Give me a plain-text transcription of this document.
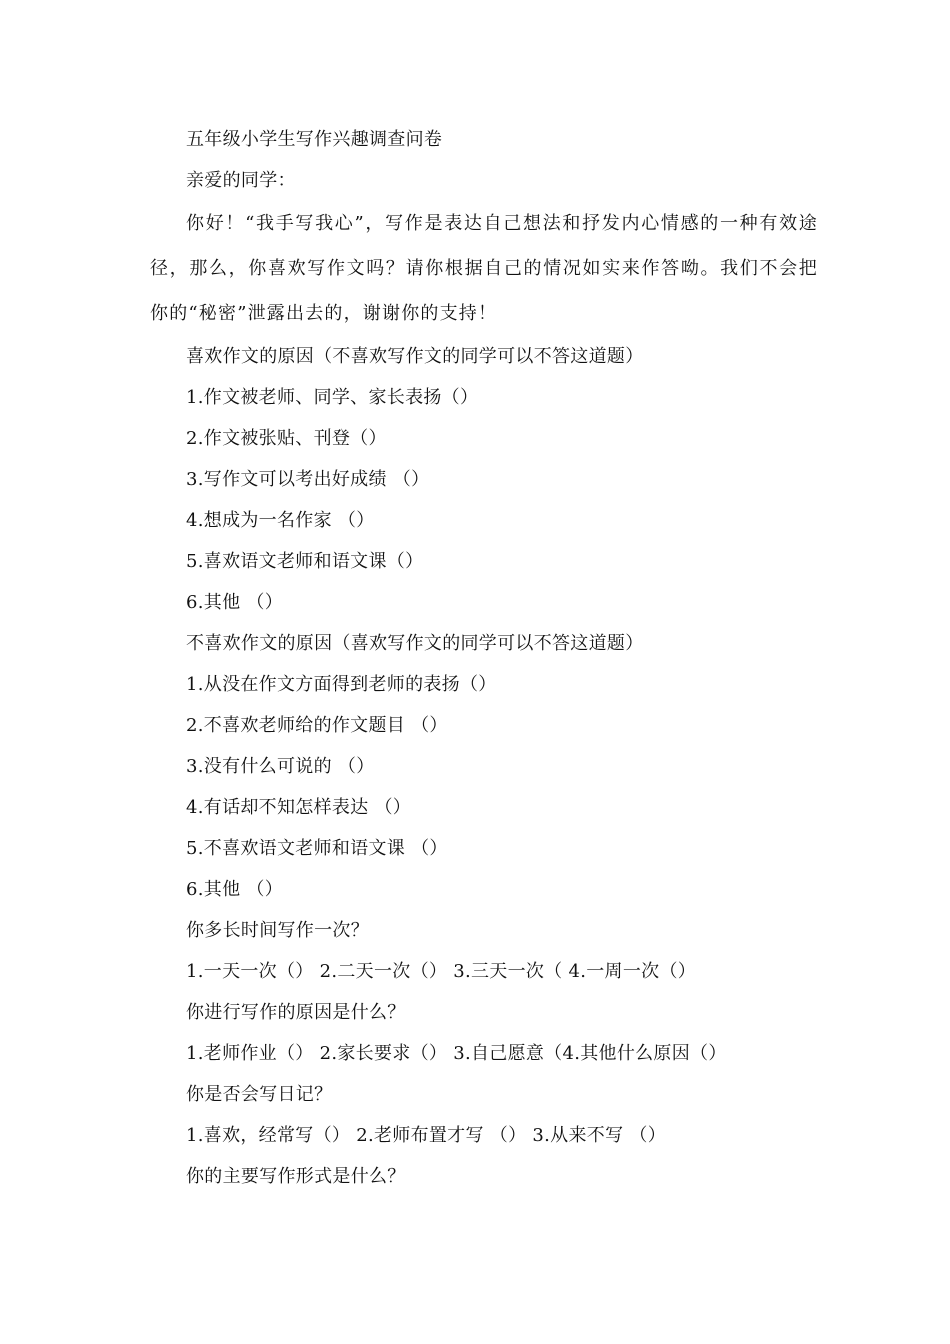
五年级小学生写作兴趣调查问卷
亲爱的同学：

你好！“我手写我心”，写作是表达自己想法和抒发内心情感的一种有效途径，那么，你喜欢写作文吗？请你根据自己的情况如实来作答呦。我们不会把你的“秘密”泄露出去的，谢谢你的支持！

喜欢作文的原因（不喜欢写作文的同学可以不答这道题）
1.作文被老师、同学、家长表扬（）
2.作文被张贴、刊登（）
3.写作文可以考出好成绩 （）
4.想成为一名作家 （）
5.喜欢语文老师和语文课（）
6.其他 （）
不喜欢作文的原因（喜欢写作文的同学可以不答这道题）
1.从没在作文方面得到老师的表扬（）
2.不喜欢老师给的作文题目 （）
3.没有什么可说的 （）
4.有话却不知怎样表达 （）
5.不喜欢语文老师和语文课 （）
6.其他 （）
你多长时间写作一次？
1.一天一次（） 2.二天一次（） 3.三天一次（ 4.一周一次（）
你进行写作的原因是什么？
1.老师作业（） 2.家长要求（） 3.自己愿意（4.其他什么原因（）
你是否会写日记？
1.喜欢，经常写（） 2.老师布置才写 （） 3.从来不写 （）
你的主要写作形式是什么？
